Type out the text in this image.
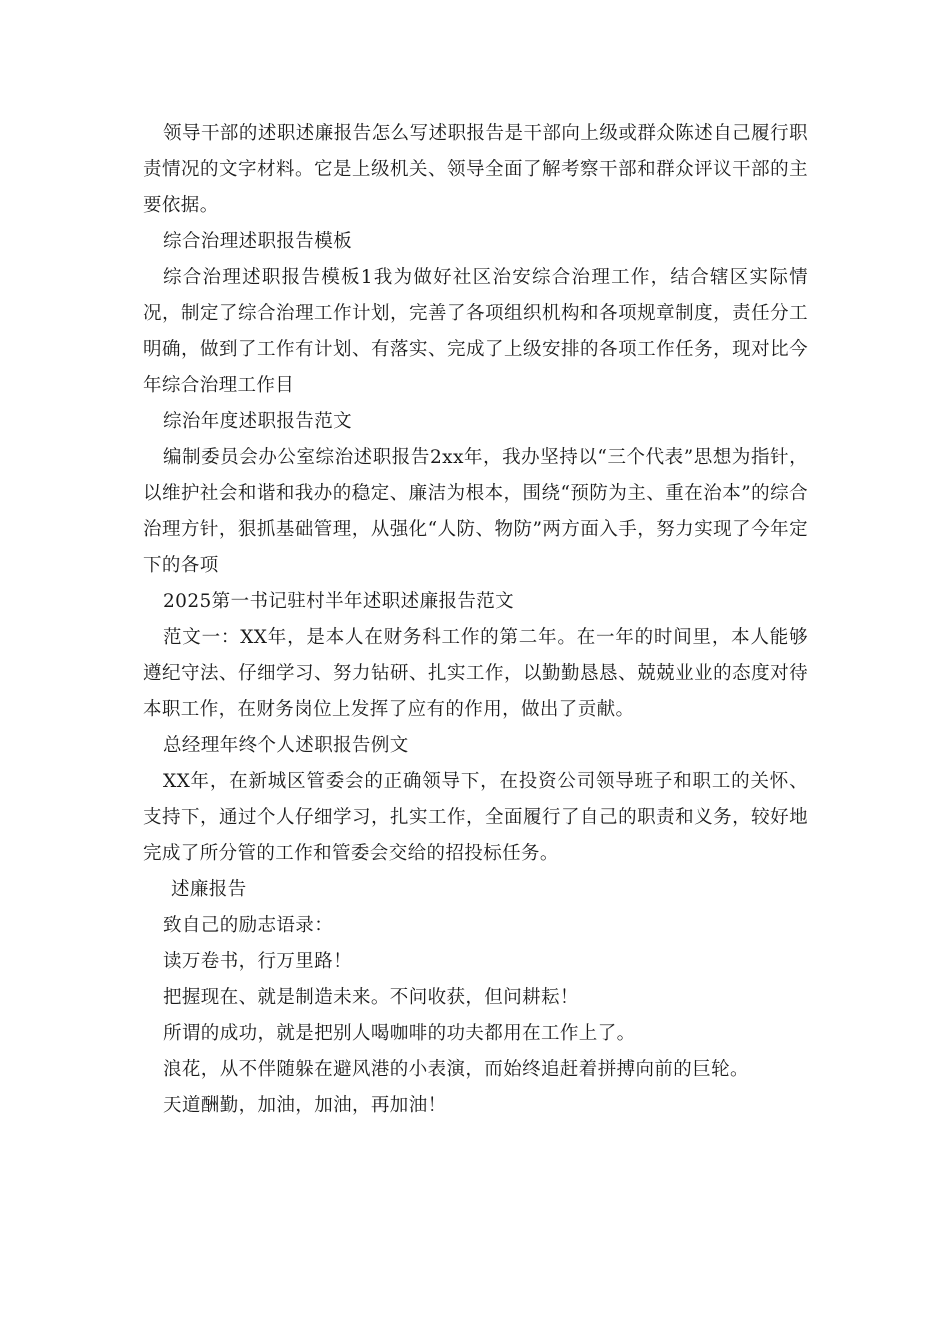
领导干部的述职述廉报告怎么写述职报告是干部向上级或群众陈述自己履行职责情况的文字材料。它是上级机关、领导全面了解考察干部和群众评议干部的主要依据。

综合治理述职报告模板

综合治理述职报告模板1我为做好社区治安综合治理工作，结合辖区实际情况，制定了综合治理工作计划，完善了各项组织机构和各项规章制度，责任分工明确，做到了工作有计划、有落实、完成了上级安排的各项工作任务，现对比今年综合治理工作目

综治年度述职报告范文

编制委员会办公室综治述职报告2xx年，我办坚持以“三个代表”思想为指针，以维护社会和谐和我办的稳定、廉洁为根本，围绕“预防为主、重在治本”的综合治理方针，狠抓基础管理，从强化“人防、物防”两方面入手，努力实现了今年定下的各项

2025第一书记驻村半年述职述廉报告范文

范文一：XX年，是本人在财务科工作的第二年。在一年的时间里，本人能够遵纪守法、仔细学习、努力钻研、扎实工作，以勤勤恳恳、兢兢业业的态度对待本职工作，在财务岗位上发挥了应有的作用，做出了贡献。

总经理年终个人述职报告例文

XX年，在新城区管委会的正确领导下，在投资公司领导班子和职工的关怀、支持下，通过个人仔细学习，扎实工作，全面履行了自己的职责和义务，较好地完成了所分管的工作和管委会交给的招投标任务。

述廉报告

致自己的励志语录：

读万卷书，行万里路！

把握现在、就是制造未来。不问收获，但问耕耘！

所谓的成功，就是把别人喝咖啡的功夫都用在工作上了。

浪花，从不伴随躲在避风港的小表演，而始终追赶着拼搏向前的巨轮。

天道酬勤，加油，加油，再加油！
